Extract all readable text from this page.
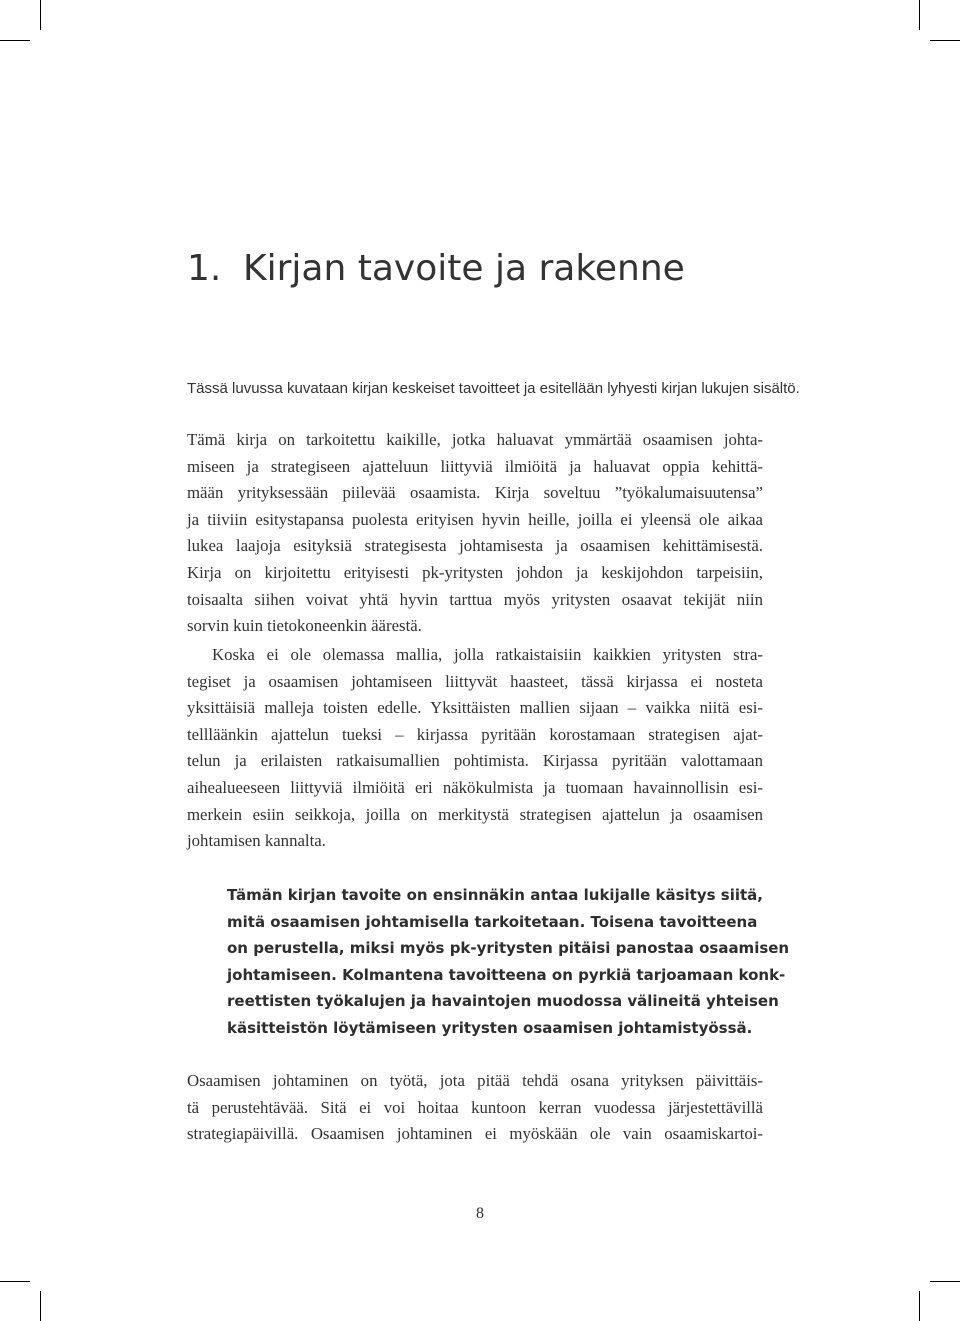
1. Kirjan tavoite ja rakenne

Tässä luvussa kuvataan kirjan keskeiset tavoitteet ja esitellään lyhyesti kirjan lukujen sisältö.

Tämä kirja on tarkoitettu kaikille, jotka haluavat ymmärtää osaamisen johta-
miseen ja strategiseen ajatteluun liittyviä ilmiöitä ja haluavat oppia kehittä-
mään yrityksessään piilevää osaamista. Kirja soveltuu ”työkalumaisuutensa”
ja tiiviin esitystapansa puolesta erityisen hyvin heille, joilla ei yleensä ole aikaa
lukea laajoja esityksiä strategisesta johtamisesta ja osaamisen kehittämisestä.
Kirja on kirjoitettu erityisesti pk-yritysten johdon ja keskijohdon tarpeisiin,
toisaalta siihen voivat yhtä hyvin tarttua myös yritysten osaavat tekijät niin
sorvin kuin tietokoneenkin äärestä.
Koska ei ole olemassa mallia, jolla ratkaistaisiin kaikkien yritysten stra-
tegiset ja osaamisen johtamiseen liittyvät haasteet, tässä kirjassa ei nosteta
yksittäisiä malleja toisten edelle. Yksittäisten mallien sijaan – vaikka niitä esi-
tellläänkin ajattelun tueksi – kirjassa pyritään korostamaan strategisen ajat-
telun ja erilaisten ratkaisumallien pohtimista. Kirjassa pyritään valottamaan
aihealueeseen liittyviä ilmiöitä eri näkökulmista ja tuomaan havainnollisin esi-
merkein esiin seikkoja, joilla on merkitystä strategisen ajattelun ja osaamisen
johtamisen kannalta.
Tämän kirjan tavoite on ensinnäkin antaa lukijalle käsitys siitä,
mitä osaamisen johtamisella tarkoitetaan. Toisena tavoitteena
on perustella, miksi myös pk-yritysten pitäisi panostaa osaamisen
johtamiseen. Kolmantena tavoitteena on pyrkiä tarjoamaan konk-
reettisten työkalujen ja havaintojen muodossa välineitä yhteisen
käsitteistön löytämiseen yritysten osaamisen johtamistyössä.
Osaamisen johtaminen on työtä, jota pitää tehdä osana yrityksen päivittäis-
tä perustehtävää. Sitä ei voi hoitaa kuntoon kerran vuodessa järjestettävillä
strategiapäivillä. Osaamisen johtaminen ei myöskään ole vain osaamiskartoi-
8
